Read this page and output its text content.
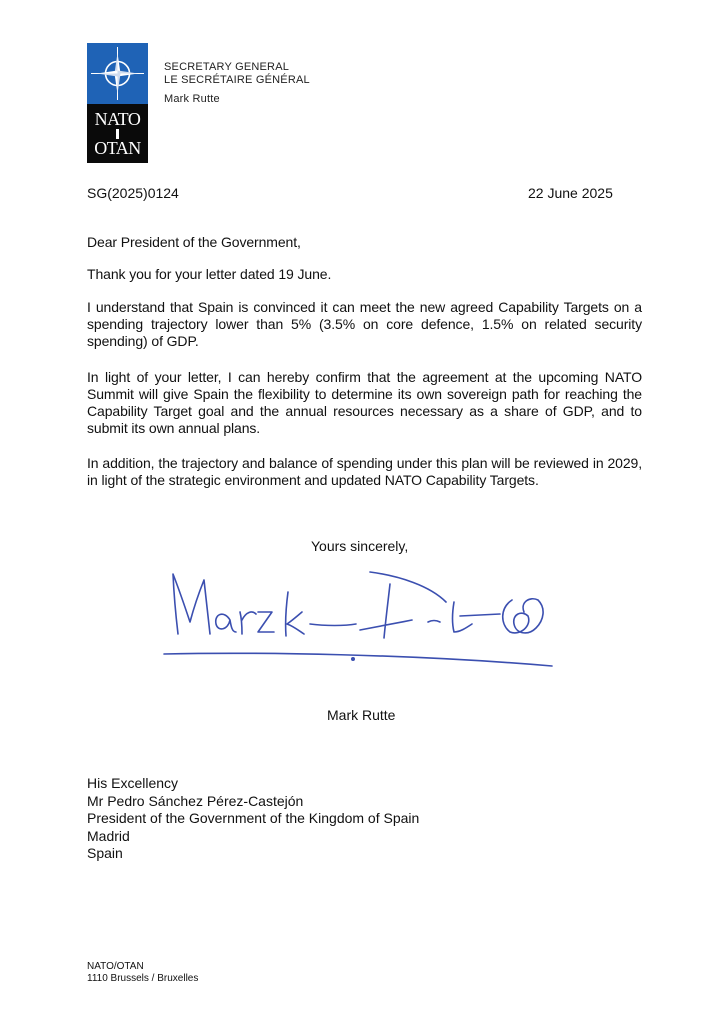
NATO
OTAN
SECRETARY GENERAL
LE SECRÉTAIRE GÉNÉRAL
Mark Rutte
SG(2025)0124	22 June 2025
Dear President of the Government,
Thank you for your letter dated 19 June.
I understand that Spain is convinced it can meet the new agreed Capability Targets on a spending trajectory lower than 5% (3.5% on core defence, 1.5% on related security spending) of GDP.
In light of your letter, I can hereby confirm that the agreement at the upcoming NATO Summit will give Spain the flexibility to determine its own sovereign path for reaching the Capability Target goal and the annual resources necessary as a share of GDP, and to submit its own annual plans.
In addition, the trajectory and balance of spending under this plan will be reviewed in 2029, in light of the strategic environment and updated NATO Capability Targets.
Yours sincerely,
Mark Rutte
His Excellency
Mr Pedro Sánchez Pérez-Castejón
President of the Government of the Kingdom of Spain
Madrid
Spain
NATO/OTAN
1110 Brussels / Bruxelles
